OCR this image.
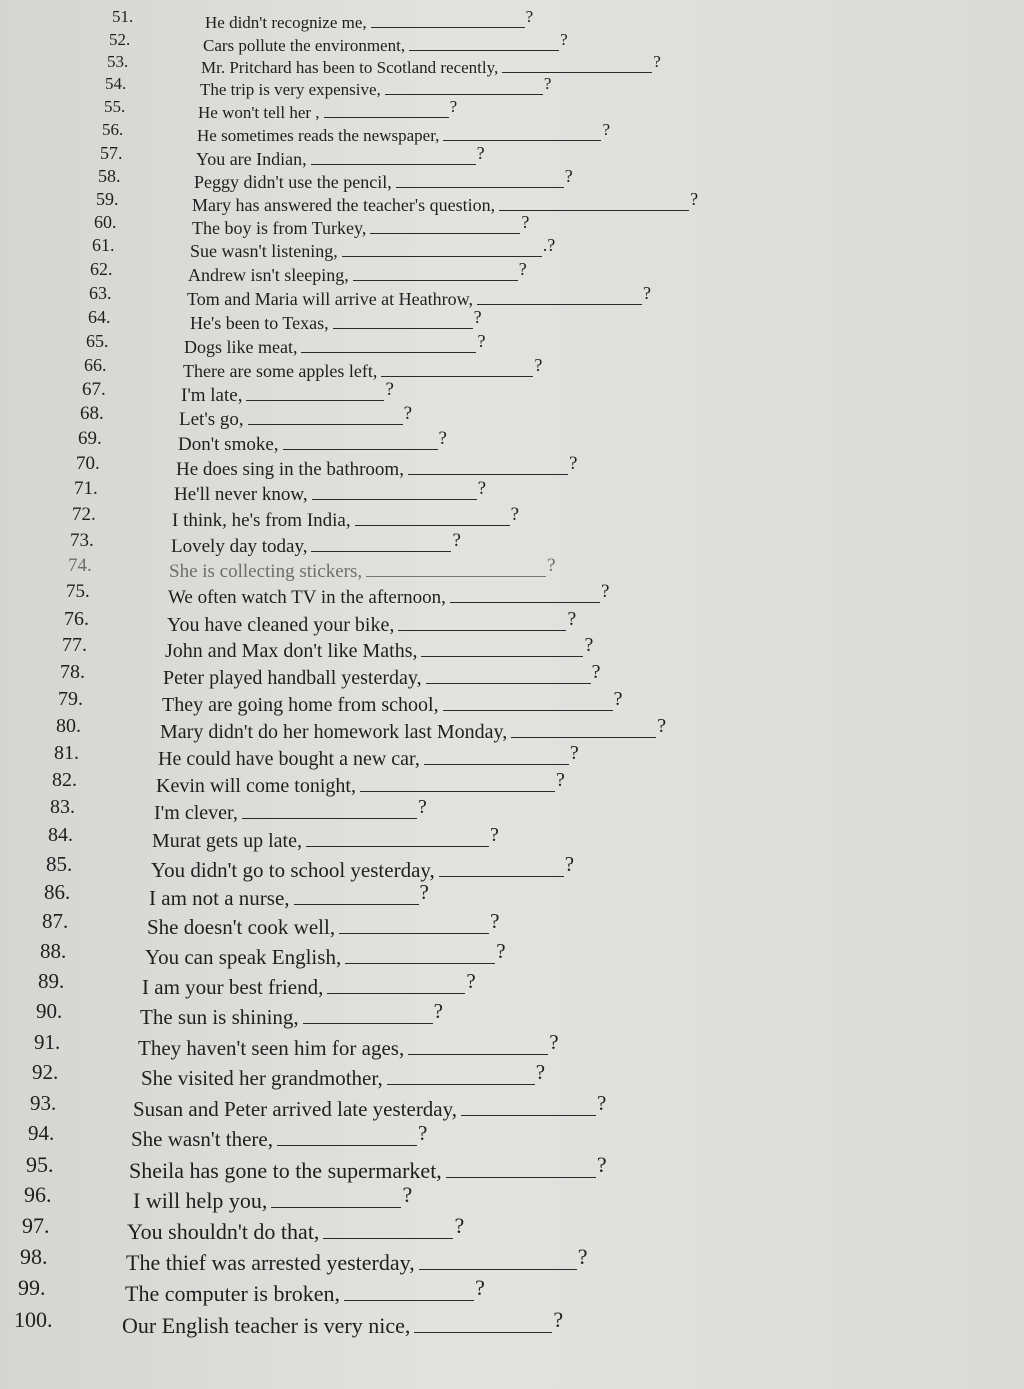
51.	He didn't recognize me,	?
52.	Cars pollute the environment,	?
53.	Mr. Pritchard has been to Scotland recently,	?
54.	The trip is very expensive,	?
55.	He won't tell her ,	?
56.	He sometimes reads the newspaper,	?
57.	You are Indian,	?
58.	Peggy didn't use the pencil,	?
59.	Mary has answered the teacher's question,	?
60.	The boy is from Turkey,	?
61.	Sue wasn't listening,	.?
62.	Andrew isn't sleeping,	?
63.	Tom and Maria will arrive at Heathrow,	?
64.	He's been to Texas,	?
65.	Dogs like meat,	?
66.	There are some apples left,	?
67.	I'm late,	?
68.	Let's go,	?
69.	Don't smoke,	?
70.	He does sing in the bathroom,	?
71.	He'll never know,	?
72.	I think, he's from India,	?
73.	Lovely day today,	?
74.	She is collecting stickers,	?
75.	We often watch TV in the afternoon,	?
76.	You have cleaned your bike,	?
77.	John and Max don't like Maths,	?
78.	Peter played handball yesterday,	?
79.	They are going home from school,	?
80.	Mary didn't do her homework last Monday,	?
81.	He could have bought a new car,	?
82.	Kevin will come tonight,	?
83.	I'm clever,	?
84.	Murat gets up late,	?
85.	You didn't go to school yesterday,	?
86.	I am not a nurse,	?
87.	She doesn't cook well,	?
88.	You can speak English,	?
89.	I am your best friend,	?
90.	The sun is shining,	?
91.	They haven't seen him for ages,	?
92.	She visited her grandmother,	?
93.	Susan and Peter arrived late yesterday,	?
94.	She wasn't there,	?
95.	Sheila has gone to the supermarket,	?
96.	I will help you,	?
97.	You shouldn't do that,	?
98.	The thief was arrested yesterday,	?
99.	The computer is broken,	?
100.	Our English teacher is very nice,	?
